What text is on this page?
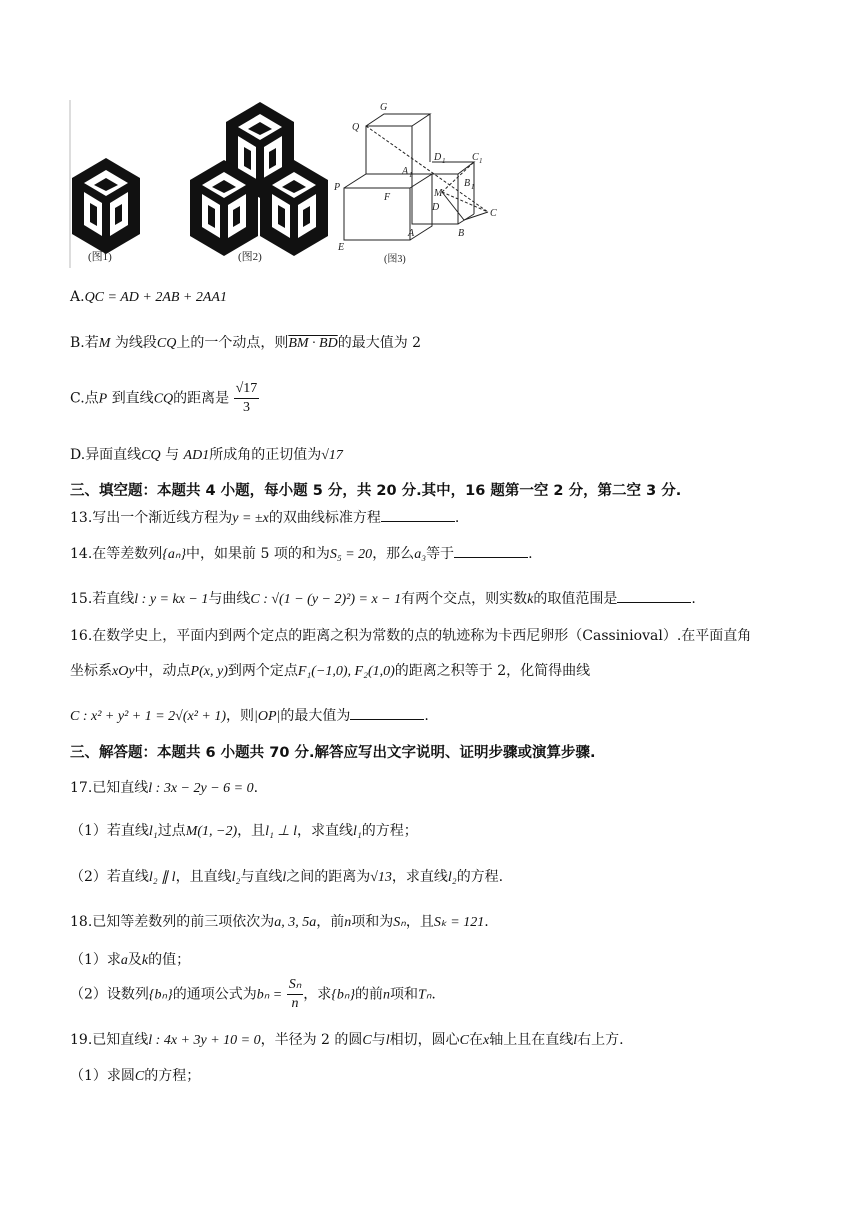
G
Q
D 1	C 1
A 1
B 1
M
P
F
D
C
A	B
E
(图1)	(图2)	(图3)
A.QC = AD + 2AB + 2AA1
B.若M 为线段CQ上的一个动点，则BM · BD的最大值为 2
C.点P 到直线CQ的距离是 $\frac{√17}{3}$
D.异面直线CQ 与 AD1所成角的正切值为√17
三、填空题：本题共 4 小题，每小题 5 分，共 20 分.其中，16 题第一空 2 分，第二空 3 分.
13.写出一个渐近线方程为y = ±x的双曲线标准方程	.
14.在等差数列{aₙ}中，如果前 5 项的和为S₅ = 20，那么a₃等于	.
15.若直线l : y = kx − 1与曲线C : √(1 − (y − 2)²) = x − 1有两个交点，则实数k的取值范围是	.
16.在数学史上，平面内到两个定点的距离之积为常数的点的轨迹称为卡西尼卵形（Cassinioval）.在平面直角
坐标系xOy中，动点P(x, y)到两个定点F₁(−1,0), F₂(1,0)的距离之积等于 2，化简得曲线
C : x² + y² + 1 = 2√(x² + 1)，则|OP|的最大值为	.
三、解答题：本题共 6 小题共 70 分.解答应写出文字说明、证明步骤或演算步骤.
17.已知直线l : 3x − 2y − 6 = 0.
（1）若直线l₁过点M(1, −2)，且l₁ ⊥ l，求直线l₁的方程；
（2）若直线l₂ ∥ l，且直线l₂与直线l之间的距离为√13，求直线l₂的方程.
18.已知等差数列的前三项依次为a, 3, 5a，前n项和为Sₙ，且Sₖ = 121.
（1）求a及k的值；
（2）设数列{bₙ}的通项公式为$b_n = \frac{\text{Sₙ}}{n}$ ，求{bₙ}的前n项和Tₙ.
19.已知直线l : 4x + 3y + 10 = 0，半径为 2 的圆C与l相切，圆心C在x轴上且在直线l右上方.
（1）求圆C的方程；
